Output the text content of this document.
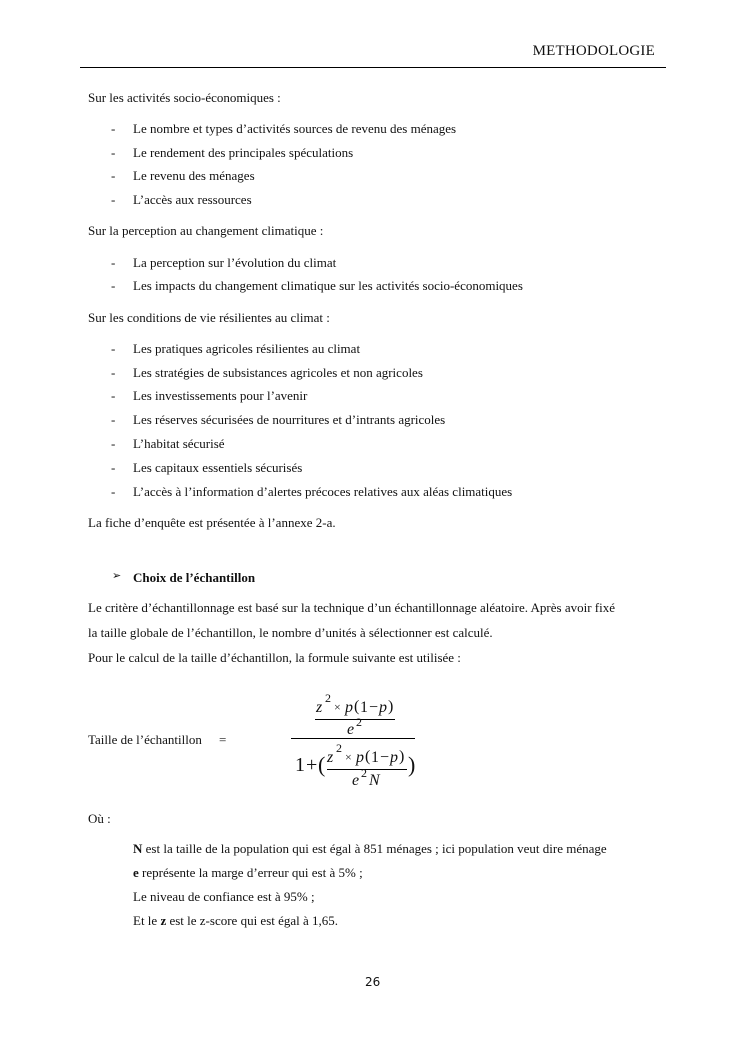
METHODOLOGIE
Sur les activités socio-économiques :
- Le nombre et types d’activités sources de revenu des ménages
- Le rendement des principales spéculations
- Le revenu des ménages
- L’accès aux ressources
Sur la perception au changement climatique :
- La perception sur l’évolution du climat
- Les impacts du changement climatique sur les activités socio-économiques
Sur les conditions de vie résilientes au climat :
- Les pratiques agricoles résilientes au climat
- Les stratégies de subsistances agricoles et non agricoles
- Les investissements pour l’avenir
- Les réserves sécurisées de nourritures et d’intrants agricoles
- L’habitat sécurisé
- Les capitaux essentiels sécurisés
- L’accès à l’information d’alertes précoces relatives aux aléas climatiques
La fiche d’enquête est présentée à l’annexe 2-a.
➢ Choix de l’échantillon
Le critère d’échantillonnage est basé sur la technique d’un échantillonnage aléatoire. Après avoir fixé
la taille globale de l’échantillon, le nombre d’unités à sélectionner est calculé.
Pour le calcul de la taille d’échantillon, la formule suivante est utilisée :
Taille de l’échantillon =
z
2
× p ( 1 − p )
e 2
1 + ( z
2
× p ( 1 − p )
e 2 N
)
Où :
N est la taille de la population qui est égal à 851 ménages ; ici population veut dire ménage
e représente la marge d’erreur qui est à 5% ;
Le niveau de confiance est à 95% ;
Et le z est le z-score qui est égal à 1,65.
26
